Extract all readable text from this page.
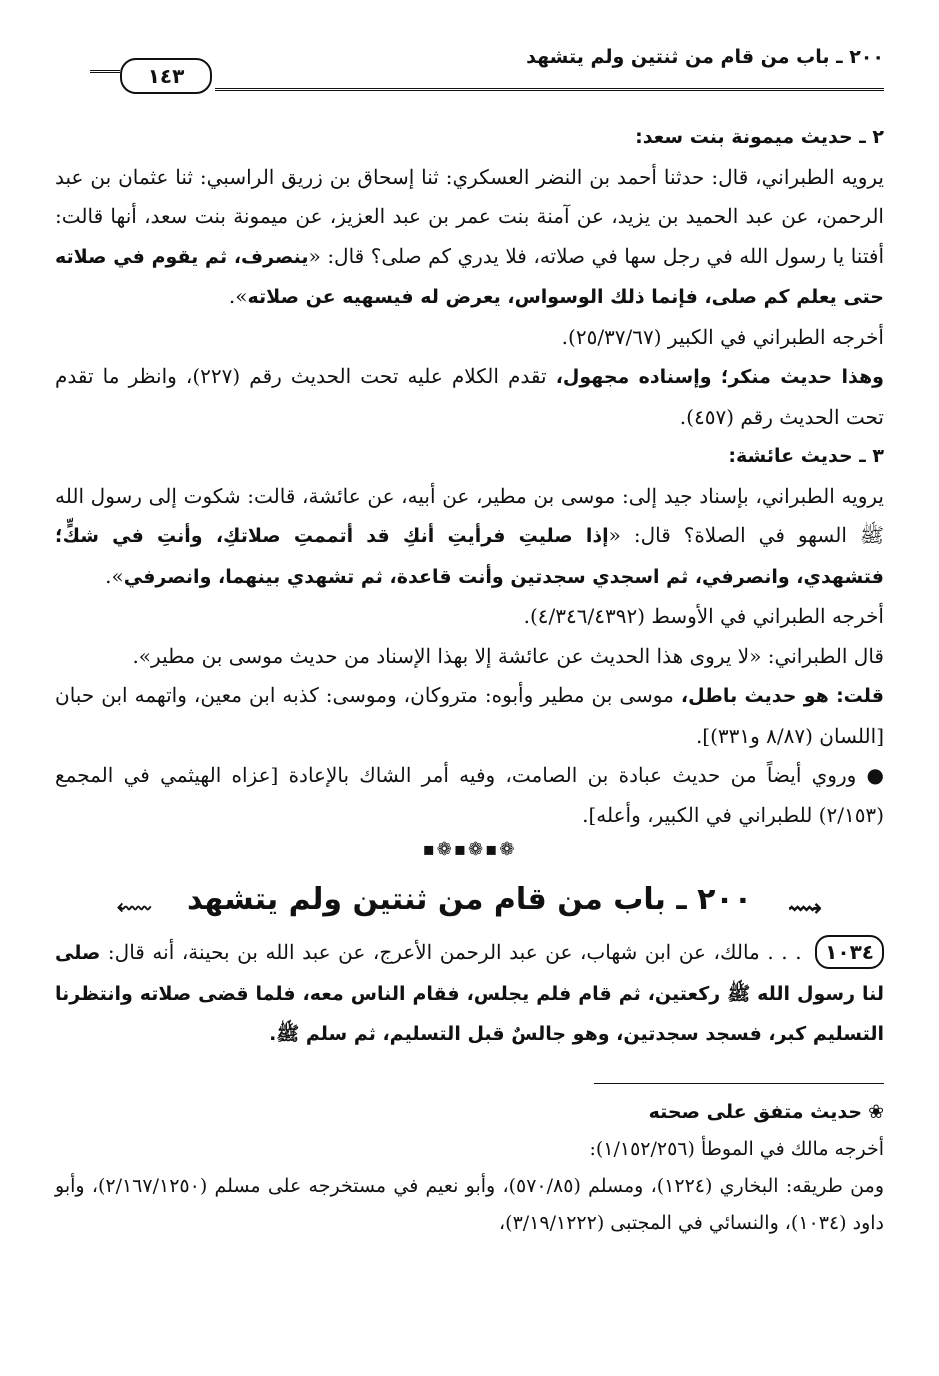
٢٠٠ ـ باب من قام من ثنتين ولم يتشهد
١٤٣

٢ ـ حديث ميمونة بنت سعد:

يرويه الطبراني، قال: حدثنا أحمد بن النضر العسكري: ثنا إسحاق بن زريق الراسبي: ثنا عثمان بن عبد الرحمن، عن عبد الحميد بن يزيد، عن آمنة بنت عمر بن عبد العزيز، عن ميمونة بنت سعد، أنها قالت: أفتنا يا رسول الله في رجل سها في صلاته، فلا يدري كم صلى؟ قال: «ينصرف، ثم يقوم في صلاته حتى يعلم كم صلى، فإنما ذلك الوسواس، يعرض له فيسهيه عن صلاته».

أخرجه الطبراني في الكبير (٢٥/٣٧/٦٧).

وهذا حديث منكر؛ وإسناده مجهول، تقدم الكلام عليه تحت الحديث رقم (٢٢٧)، وانظر ما تقدم تحت الحديث رقم (٤٥٧).

٣ ـ حديث عائشة:

يرويه الطبراني، بإسناد جيد إلى: موسى بن مطير، عن أبيه، عن عائشة، قالت: شكوت إلى رسول الله ﷺ السهو في الصلاة؟ قال: «إذا صليتِ فرأيتِ أنكِ قد أتممتِ صلاتكِ، وأنتِ في شكٍّ؛ فتشهدي، وانصرفي، ثم اسجدي سجدتين وأنت قاعدة، ثم تشهدي بينهما، وانصرفي».

أخرجه الطبراني في الأوسط (٤/٣٤٦/٤٣٩٢).

قال الطبراني: «لا يروى هذا الحديث عن عائشة إلا بهذا الإسناد من حديث موسى بن مطير».

قلت: هو حديث باطل، موسى بن مطير وأبوه: متروكان، وموسى: كذبه ابن معين، واتهمه ابن حبان [اللسان (٨/٨٧ و٣٣١)].

● وروي أيضاً من حديث عبادة بن الصامت، وفيه أمر الشاك بالإعادة [عزاه الهيثمي في المجمع (٢/١٥٣) للطبراني في الكبير، وأعله].

❁▪❁▪❁▪
⟿
٢٠٠ ـ باب من قام من ثنتين ولم يتشهد
⬳

١٠٣٤ . . . مالك، عن ابن شهاب، عن عبد الرحمن الأعرج، عن عبد الله بن بحينة، أنه قال: صلى لنا رسول الله ﷺ ركعتين، ثم قام فلم يجلس، فقام الناس معه، فلما قضى صلاته وانتظرنا التسليم كبر، فسجد سجدتين، وهو جالسٌ قبل التسليم، ثم سلم ﷺ.

❀ حديث متفق على صحته

أخرجه مالك في الموطأ (١/١٥٢/٢٥٦):

ومن طريقه: البخاري (١٢٢٤)، ومسلم (٥٧٠/٨٥)، وأبو نعيم في مستخرجه على مسلم (٢/١٦٧/١٢٥٠)، وأبو داود (١٠٣٤)، والنسائي في المجتبى (٣/١٩/١٢٢٢)،
